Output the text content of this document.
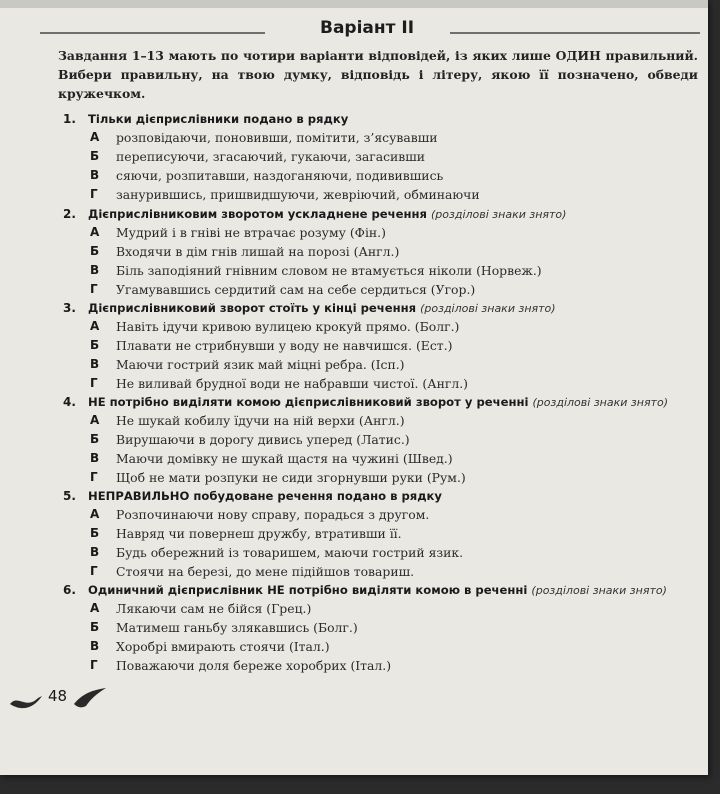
Варіант II
Завдання 1–13 мають по чотири варіанти відповідей, із яких лише ОДИН правильний. Вибери правильну, на твою думку, відповідь і літеру, якою її позначено, обведи кружечком.
1. Тільки дієприслівники подано в рядку
А розповідаючи, поновивши, помітити, з’ясувавши
Б переписуючи, згасаючий, гукаючи, загасивши
В сяючи, розпитавши, наздоганяючи, подивившись
Г занурившись, пришвидшуючи, жевріючий, обминаючи
2. Дієприслівниковим зворотом ускладнене речення (розділові знаки знято)
А Мудрий і в гніві не втрачає розуму (Фін.)
Б Входячи в дім гнів лишай на порозі (Англ.)
В Біль заподіяний гнівним словом не втамується ніколи (Норвеж.)
Г Угамувавшись сердитий сам на себе сердиться (Угор.)
3. Дієприслівниковий зворот стоїть у кінці речення (розділові знаки знято)
А Навіть ідучи кривою вулицею крокуй прямо. (Болг.)
Б Плавати не стрибнувши у воду не навчишся. (Ест.)
В Маючи гострий язик май міцні ребра. (Ісп.)
Г Не виливай брудної води не набравши чистої. (Англ.)
4. НЕ потрібно виділяти комою дієприслівниковий зворот у реченні (розділові знаки знято)
А Не шукай кобилу їдучи на ній верхи (Англ.)
Б Вирушаючи в дорогу дивись уперед (Латис.)
В Маючи домівку не шукай щастя на чужині (Швед.)
Г Щоб не мати розпуки не сиди згорнувши руки (Рум.)
5. НЕПРАВИЛЬНО побудоване речення подано в рядку
А Розпочинаючи нову справу, порадься з другом.
Б Навряд чи повернеш дружбу, втративши її.
В Будь обережний із товаришем, маючи гострий язик.
Г Стоячи на березі, до мене підійшов товариш.
6. Одиничний дієприслівник НЕ потрібно виділяти комою в реченні (розділові знаки знято)
А Лякаючи сам не бійся (Грец.)
Б Матимеш ганьбу злякавшись (Болг.)
В Хоробрі вмирають стоячи (Італ.)
Г Поважаючи доля береже хоробрих (Італ.)
48
